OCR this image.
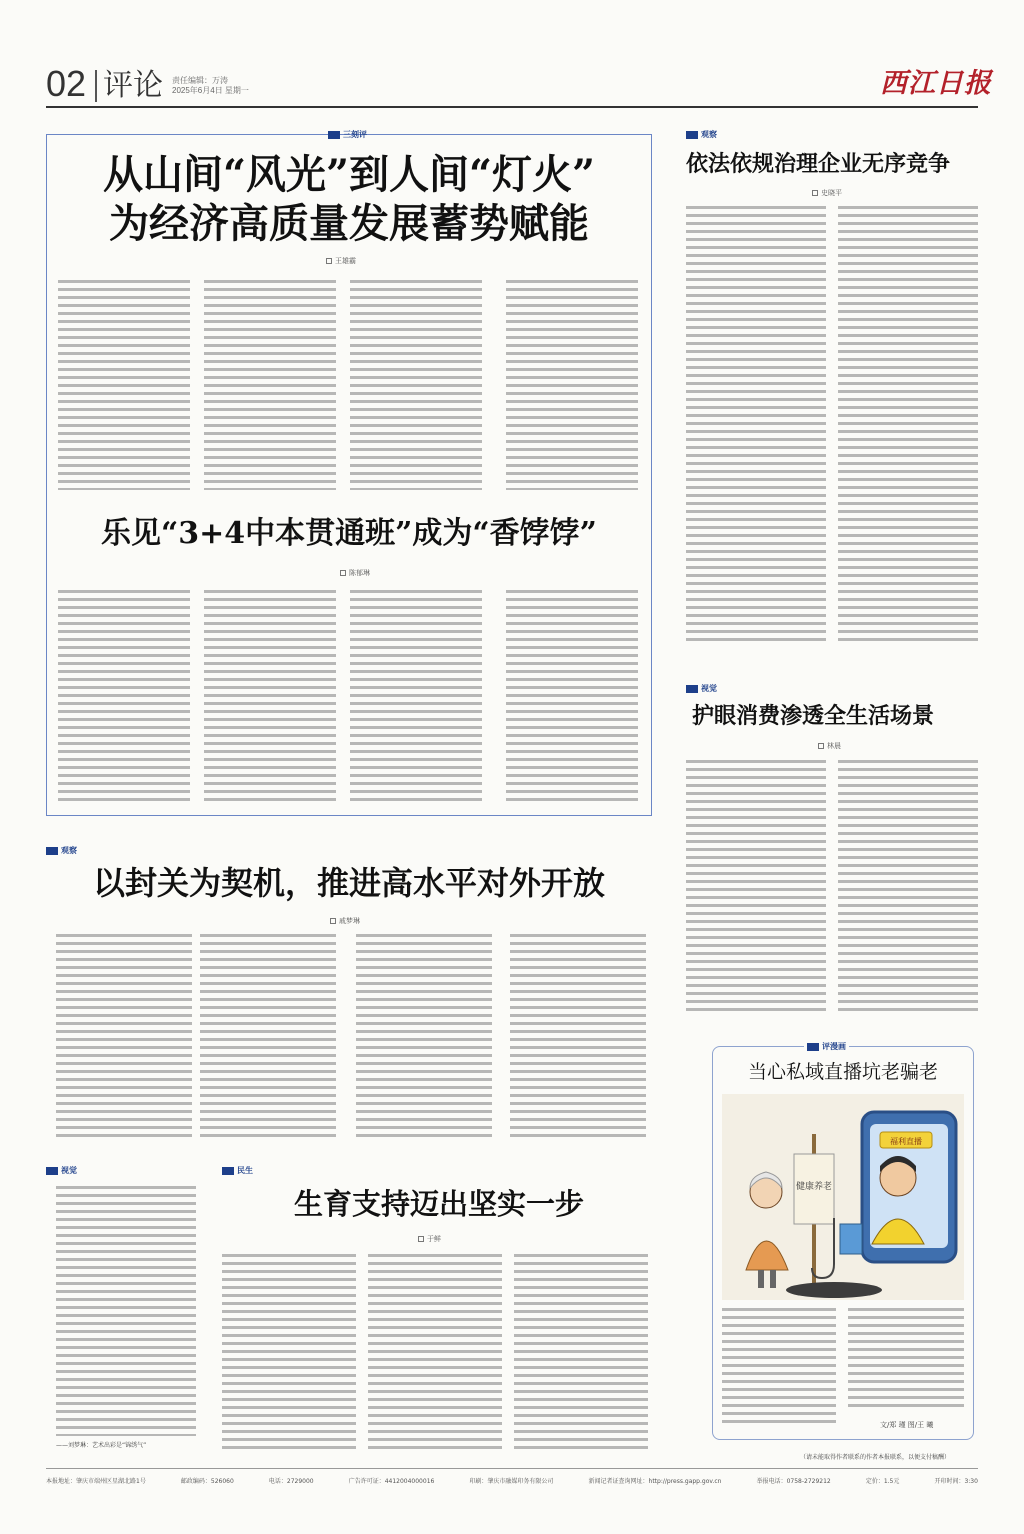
02 评论 责任编辑：万涛
2025年6月4日 星期一	西江日报
三刻评
从山间“风光”到人间“灯火”
为经济高质量发展蓄势赋能
王雄霸
乐见“3+4中本贯通班”成为“香饽饽”
陈郁琳
观察
依法依规治理企业无序竞争
史晓平
视觉
护眼消费渗透全生活场景
林晨
观察
以封关为契机，推进高水平对外开放
戚梦琳
视觉
——刘梦琳：艺术出彩是“锦绣气”
民生
生育支持迈出坚实一步
于鲜
评漫画
当心私域直播坑老骗老
福利直播
健康养老
文/郑 瑾 图/王 曦
（请未能取得作者联系的作者本报联系，以便支付稿酬）
本报地址：肇庆市端州区星湖北路1号	邮政编码：526060	电话：2729000	广告许可证：4412004000016	印刷：肇庆市融媒印务有限公司	新闻记者证查询网址：http://press.gapp.gov.cn	举报电话：0758-2729212	定价：1.5元	开印时间：3:30
